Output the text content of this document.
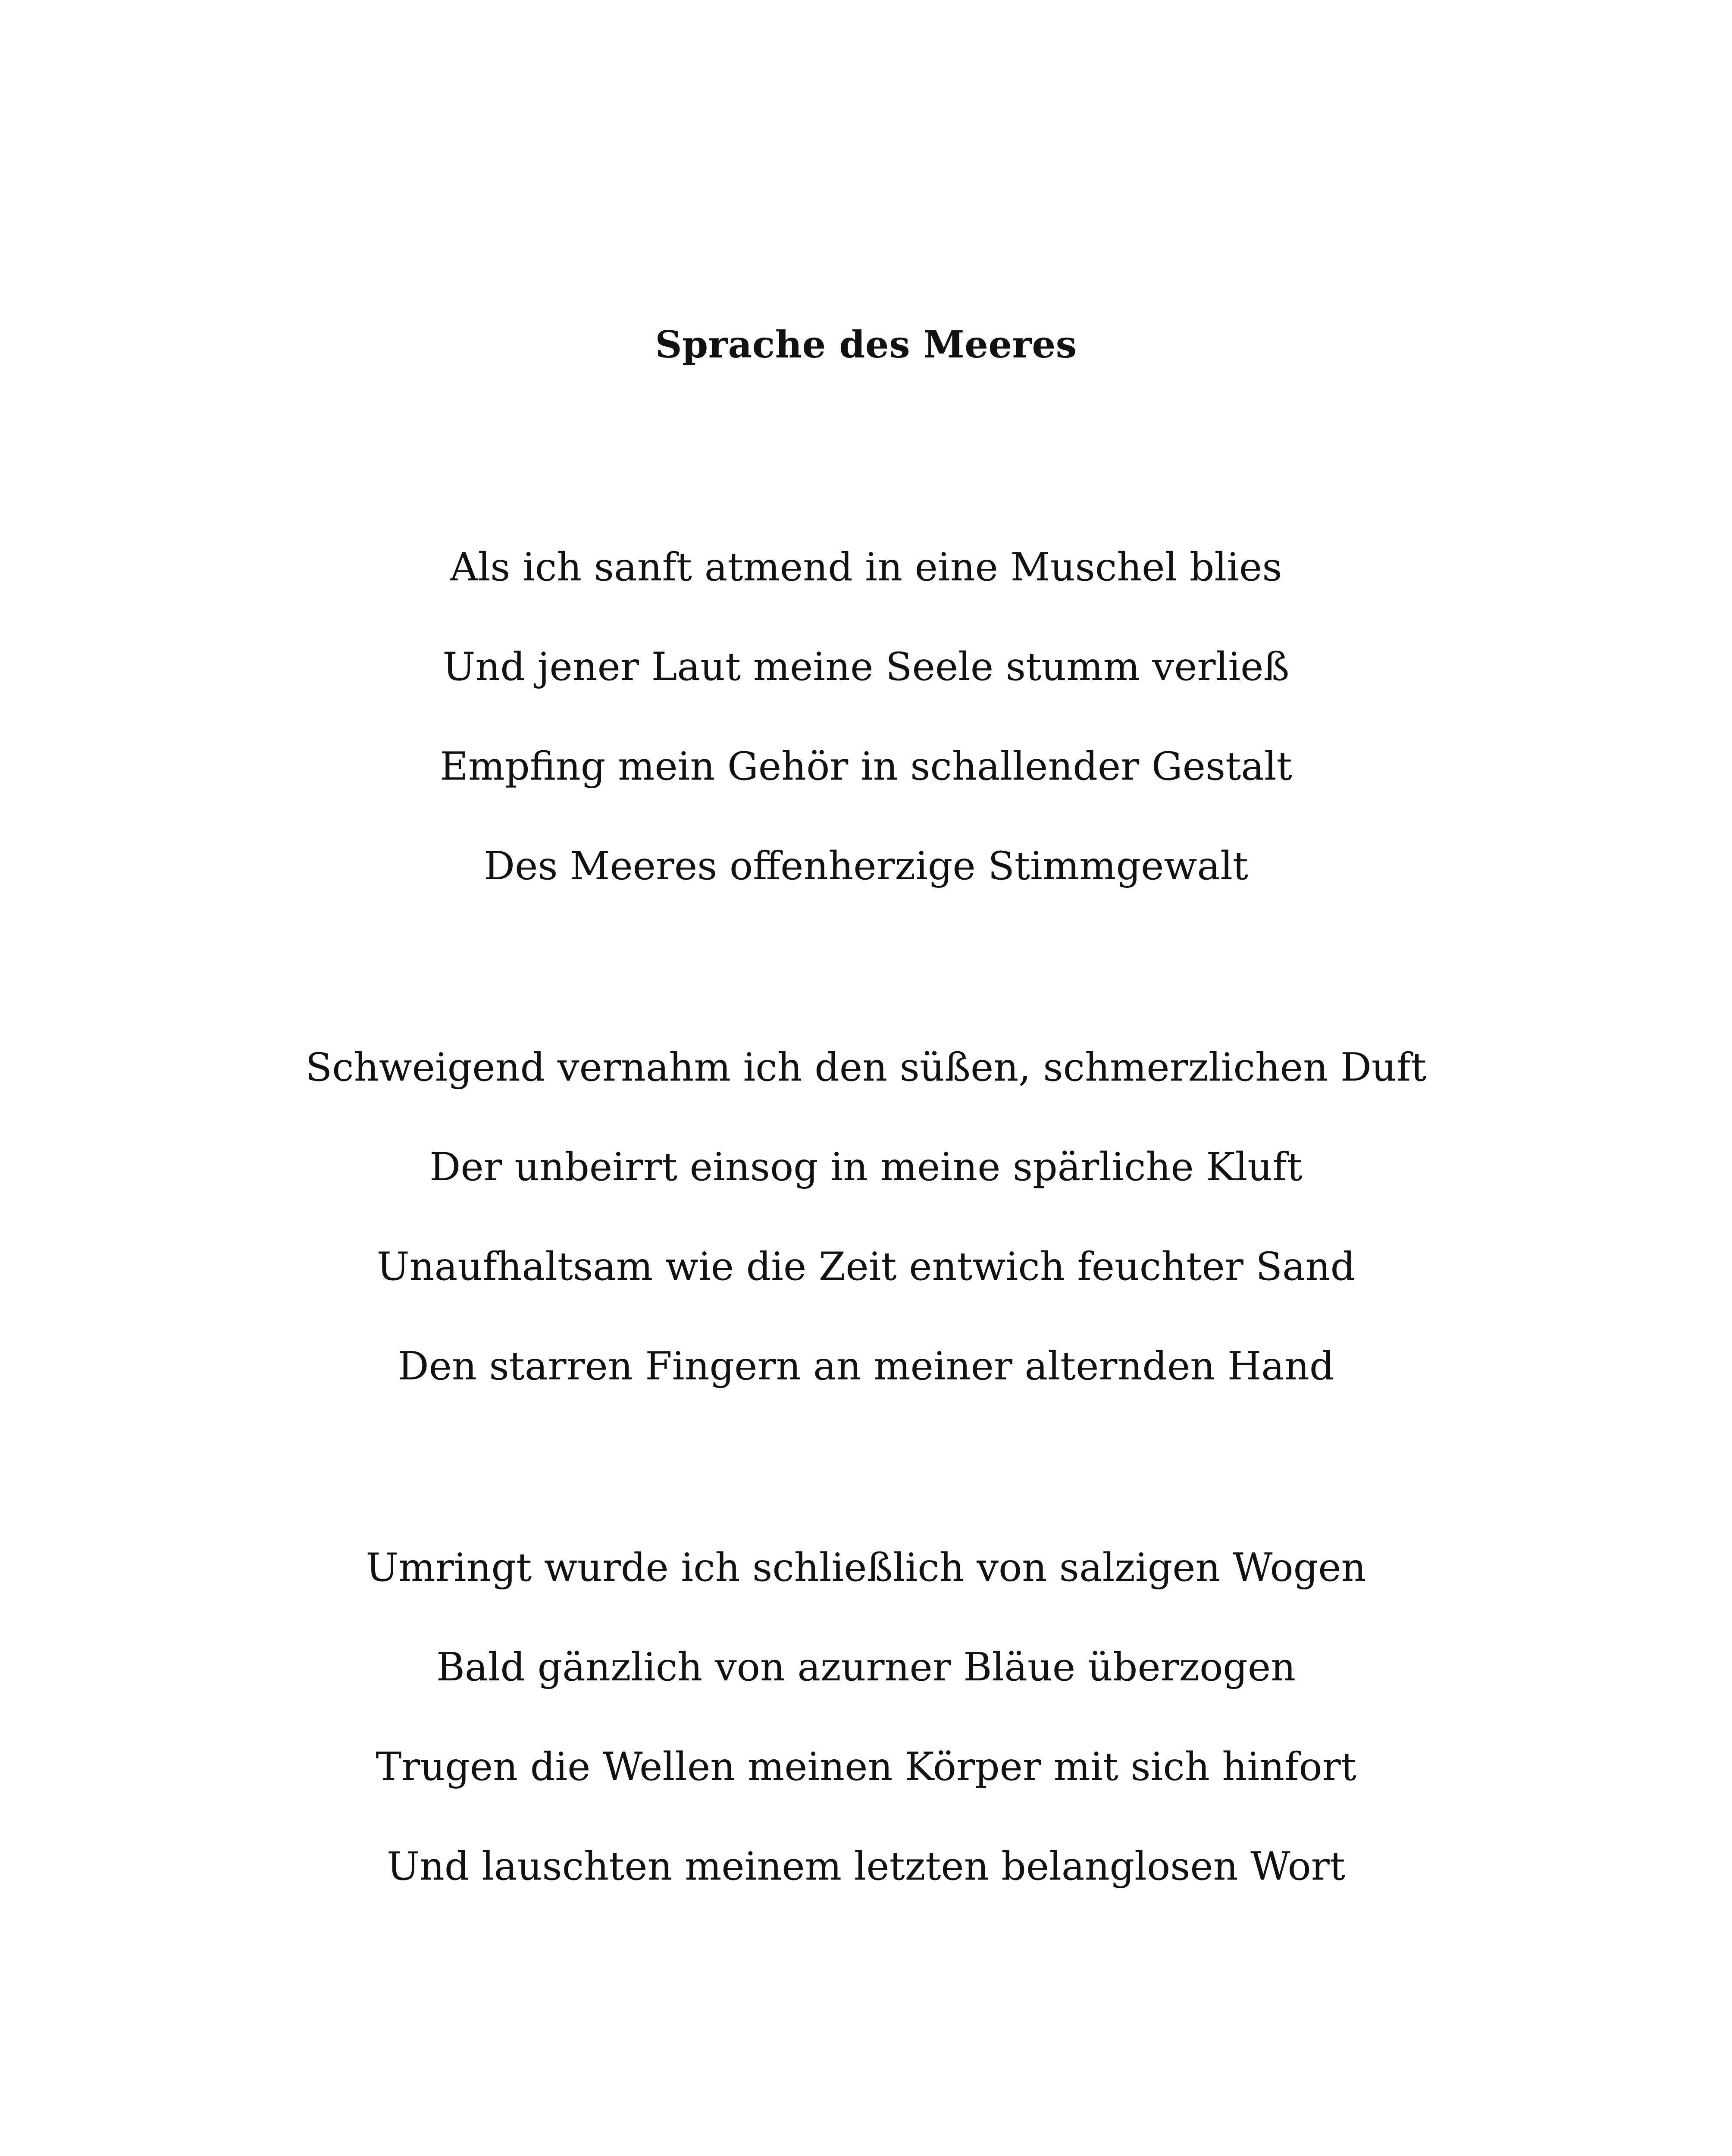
Sprache des Meeres
Als ich sanft atmend in eine Muschel blies
Und jener Laut meine Seele stumm verließ
Empfing mein Gehör in schallender Gestalt
Des Meeres offenherzige Stimmgewalt
Schweigend vernahm ich den süßen, schmerzlichen Duft
Der unbeirrt einsog in meine spärliche Kluft
Unaufhaltsam wie die Zeit entwich feuchter Sand
Den starren Fingern an meiner alternden Hand
Umringt wurde ich schließlich von salzigen Wogen
Bald gänzlich von azurner Bläue überzogen
Trugen die Wellen meinen Körper mit sich hinfort
Und lauschten meinem letzten belanglosen Wort
